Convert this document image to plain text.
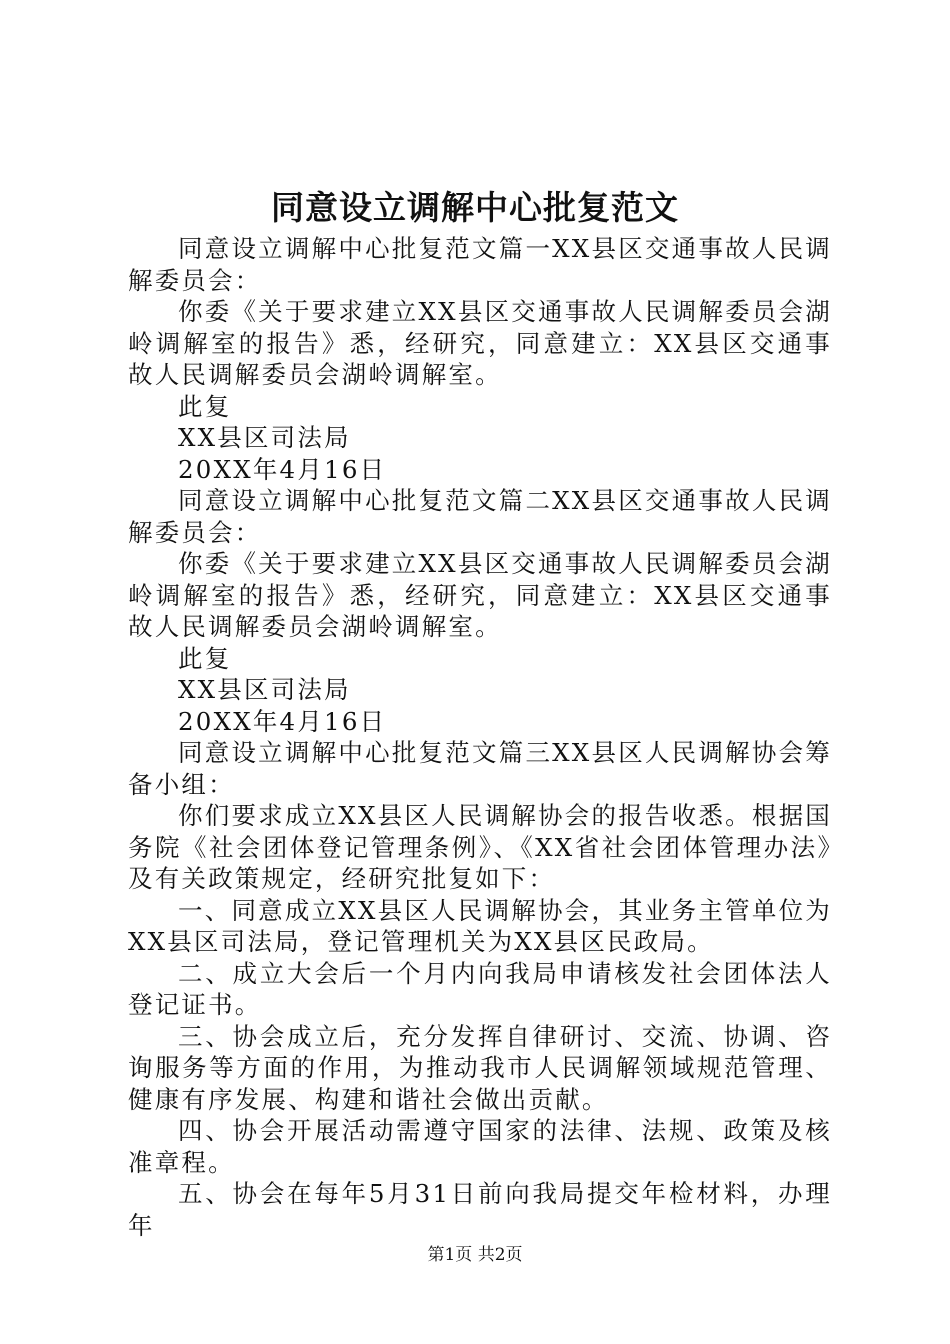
同意设立调解中心批复范文

同意设立调解中心批复范文篇一XX县区交通事故人民调解委员会：

你委《关于要求建立XX县区交通事故人民调解委员会湖岭调解室的报告》悉，经研究，同意建立：XX县区交通事故人民调解委员会湖岭调解室。

此复

XX县区司法局

20XX年4月16日

同意设立调解中心批复范文篇二XX县区交通事故人民调解委员会：

你委《关于要求建立XX县区交通事故人民调解委员会湖岭调解室的报告》悉，经研究，同意建立：XX县区交通事故人民调解委员会湖岭调解室。

此复

XX县区司法局

20XX年4月16日

同意设立调解中心批复范文篇三XX县区人民调解协会筹备小组：

你们要求成立XX县区人民调解协会的报告收悉。根据国务院《社会团体登记管理条例》、《XX省社会团体管理办法》及有关政策规定，经研究批复如下：

一、同意成立XX县区人民调解协会，其业务主管单位为XX县区司法局，登记管理机关为XX县区民政局。

二、成立大会后一个月内向我局申请核发社会团体法人登记证书。

三、协会成立后，充分发挥自律研讨、交流、协调、咨询服务等方面的作用，为推动我市人民调解领域规范管理、健康有序发展、构建和谐社会做出贡献。

四、协会开展活动需遵守国家的法律、法规、政策及核准章程。

五、协会在每年5月31日前向我局提交年检材料，办理年

第1页 共2页
